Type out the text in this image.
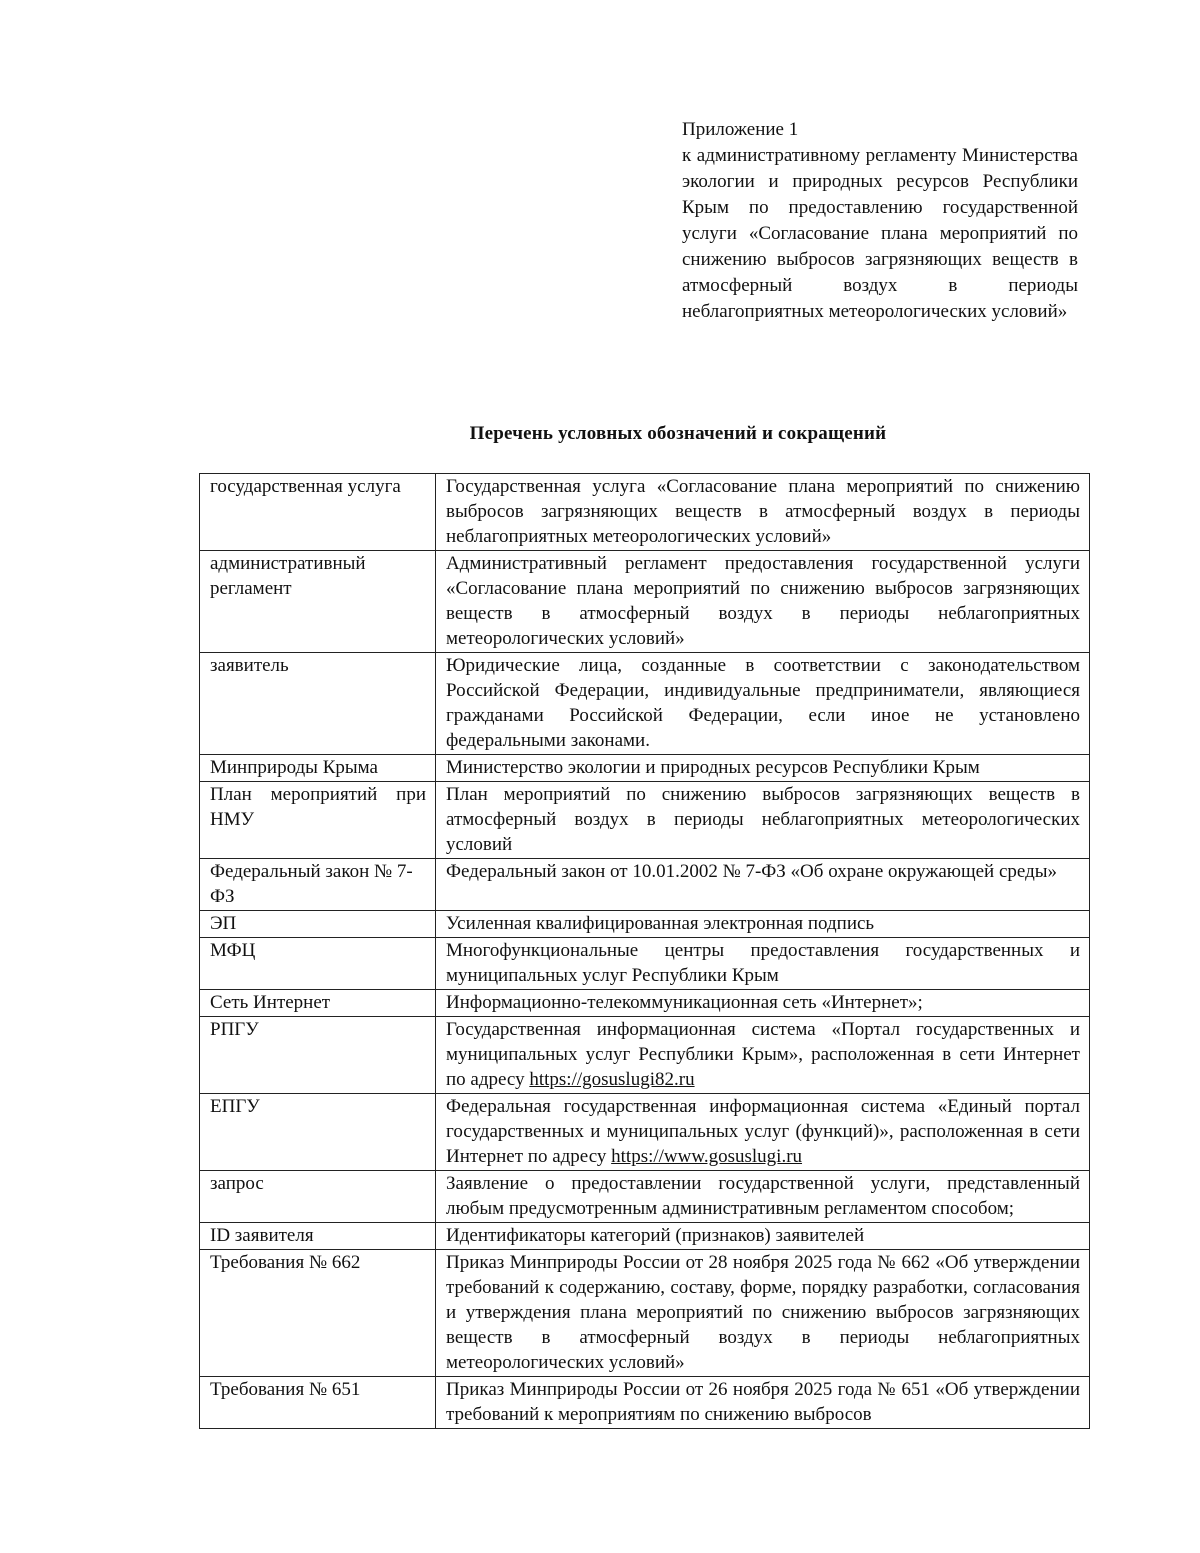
Приложение 1
к административному регламенту Министерства экологии и природных ресурсов Республики Крым по предоставлению государственной услуги «Согласование плана мероприятий по снижению выбросов загрязняющих веществ в атмосферный воздух в периоды неблагоприятных метеорологических условий»
Перечень условных обозначений и сокращений
государственная услуга	Государственная услуга «Согласование плана мероприятий по снижению выбросов загрязняющих веществ в атмосферный воздух в периоды неблагоприятных метеорологических условий»
административный регламент	Административный регламент предоставления государственной услуги «Согласование плана мероприятий по снижению выбросов загрязняющих веществ в атмосферный воздух в периоды неблагоприятных метеорологических условий»
заявитель	Юридические лица, созданные в соответствии с законодательством Российской Федерации, индивидуальные предприниматели, являющиеся гражданами Российской Федерации, если иное не установлено федеральными законами.
Минприроды Крыма	Министерство экологии и природных ресурсов Республики Крым
План мероприятий при НМУ	План мероприятий по снижению выбросов загрязняющих веществ в атмосферный воздух в периоды неблагоприятных метеорологических условий
Федеральный закон № 7-ФЗ	Федеральный закон от 10.01.2002 № 7-ФЗ «Об охране окружающей среды»
ЭП	Усиленная квалифицированная электронная подпись
МФЦ	Многофункциональные центры предоставления государственных и муниципальных услуг Республики Крым
Сеть Интернет	Информационно-телекоммуникационная сеть «Интернет»;
РПГУ	Государственная информационная система «Портал государственных и муниципальных услуг Республики Крым», расположенная в сети Интернет по адресу https://gosuslugi82.ru
ЕПГУ	Федеральная государственная информационная система «Единый портал государственных и муниципальных услуг (функций)», расположенная в сети Интернет по адресу https://www.gosuslugi.ru
запрос	Заявление о предоставлении государственной услуги, представленный любым предусмотренным административным регламентом способом;
ID заявителя	Идентификаторы категорий (признаков) заявителей
Требования № 662	Приказ Минприроды России от 28 ноября 2025 года № 662 «Об утверждении требований к содержанию, составу, форме, порядку разработки, согласования и утверждения плана мероприятий по снижению выбросов загрязняющих веществ в атмосферный воздух в периоды неблагоприятных метеорологических условий»
Требования № 651	Приказ Минприроды России от 26 ноября 2025 года № 651 «Об утверждении требований к мероприятиям по снижению выбросов
